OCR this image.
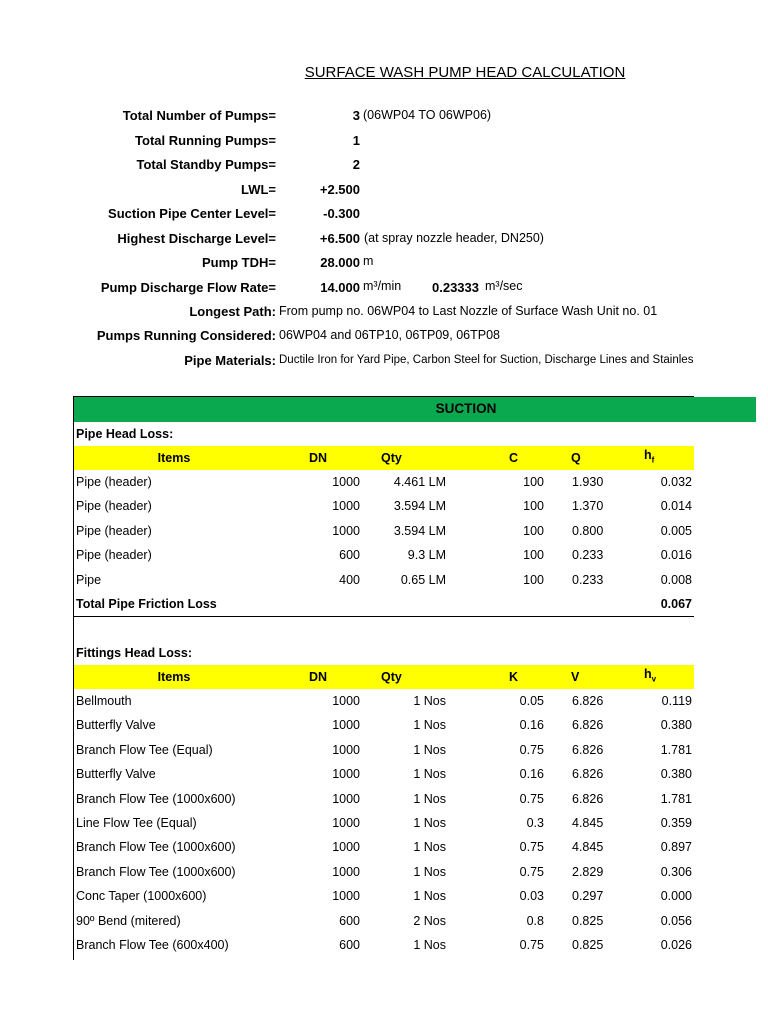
SURFACE WASH PUMP HEAD CALCULATION
Total Number of Pumps=	3 (06WP04 TO 06WP06)
Total Running Pumps=	1
Total Standby Pumps=	2
LWL=	+2.500
Suction Pipe Center Level=	-0.300
Highest Discharge Level=	+6.500 (at spray nozzle header, DN250)
Pump TDH=	28.000 m
Pump Discharge Flow Rate=	14.000 m³/min 0.23333 m³/sec
Longest Path: From pump no. 06WP04 to Last Nozzle of Surface Wash Unit no. 01
Pumps Running Considered: 06WP04 and 06TP10, 06TP09, 06TP08
Pipe Materials: Ductile Iron for Yard Pipe, Carbon Steel for Suction, Discharge Lines and Stainles
SUCTION
Pipe Head Loss:
Items	DN	Qty	C	Q	$h_f$
Pipe (header)	1000	4.461 LM	100 1.930	0.032
Pipe (header)	1000	3.594 LM	100 1.370	0.014
Pipe (header)	1000	3.594 LM	100 0.800	0.005
Pipe (header)	600	9.3 LM	100 0.233	0.016
Pipe	400	0.65 LM	100 0.233	0.008
Total Pipe Friction Loss	0.067
Fittings Head Loss:
Items	DN	Qty	K	V	$h_v$
Bellmouth	1000	1 Nos	0.05 6.826	0.119
Butterfly Valve	1000	1 Nos	0.16 6.826	0.380
Branch Flow Tee (Equal)	1000	1 Nos	0.75 6.826	1.781
Butterfly Valve	1000	1 Nos	0.16 6.826	0.380
Branch Flow Tee (1000x600)	1000	1 Nos	0.75 6.826	1.781
Line Flow Tee (Equal)	1000	1 Nos	0.3 4.845	0.359
Branch Flow Tee (1000x600)	1000	1 Nos	0.75 4.845	0.897
Branch Flow Tee (1000x600)	1000	1 Nos	0.75 2.829	0.306
Conc Taper (1000x600)	1000	1 Nos	0.03 0.297	0.000
90º Bend (mitered)	600	2 Nos	0.8 0.825	0.056
Branch Flow Tee (600x400)	600	1 Nos	0.75 0.825	0.026
